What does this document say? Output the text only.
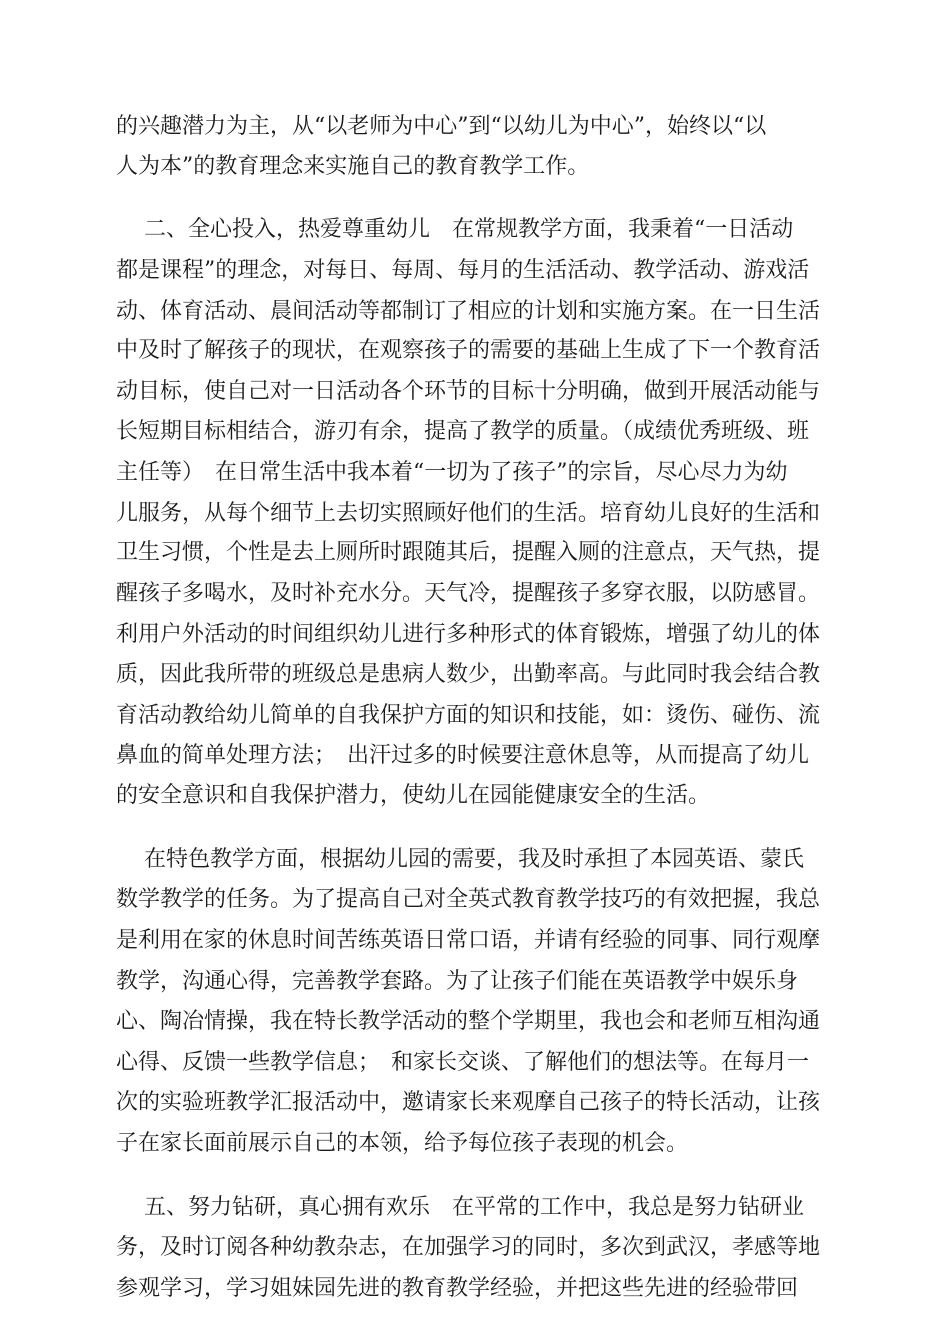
的兴趣潜力为主，从“以老师为中心”到“以幼儿为中心”，始终以“以

人为本”的教育理念来实施自己的教育教学工作。

二、全心投入，热爱尊重幼儿　在常规教学方面，我秉着“一日活动

都是课程”的理念，对每日、每周、每月的生活活动、教学活动、游戏活

动、体育活动、晨间活动等都制订了相应的计划和实施方案。在一日生活

中及时了解孩子的现状，在观察孩子的需要的基础上生成了下一个教育活

动目标，使自己对一日活动各个环节的目标十分明确，做到开展活动能与

长短期目标相结合，游刃有余，提高了教学的质量。（成绩优秀班级、班

主任等）　在日常生活中我本着“一切为了孩子”的宗旨，尽心尽力为幼

儿服务，从每个细节上去切实照顾好他们的生活。培育幼儿良好的生活和

卫生习惯，个性是去上厕所时跟随其后，提醒入厕的注意点，天气热，提

醒孩子多喝水，及时补充水分。天气冷，提醒孩子多穿衣服，以防感冒。

利用户外活动的时间组织幼儿进行多种形式的体育锻炼，增强了幼儿的体

质，因此我所带的班级总是患病人数少，出勤率高。与此同时我会结合教

育活动教给幼儿简单的自我保护方面的知识和技能，如：烫伤、碰伤、流

鼻血的简单处理方法；　出汗过多的时候要注意休息等，从而提高了幼儿

的安全意识和自我保护潜力，使幼儿在园能健康安全的生活。

在特色教学方面，根据幼儿园的需要，我及时承担了本园英语、蒙氏

数学教学的任务。为了提高自己对全英式教育教学技巧的有效把握，我总

是利用在家的休息时间苦练英语日常口语，并请有经验的同事、同行观摩

教学，沟通心得，完善教学套路。为了让孩子们能在英语教学中娱乐身

心、陶冶情操，我在特长教学活动的整个学期里，我也会和老师互相沟通

心得、反馈一些教学信息；　和家长交谈、了解他们的想法等。在每月一

次的实验班教学汇报活动中，邀请家长来观摩自己孩子的特长活动，让孩

子在家长面前展示自己的本领，给予每位孩子表现的机会。

五、努力钻研，真心拥有欢乐　在平常的工作中，我总是努力钻研业

务，及时订阅各种幼教杂志，在加强学习的同时，多次到武汉，孝感等地

参观学习，学习姐妹园先进的教育教学经验，并把这些先进的经验带回
